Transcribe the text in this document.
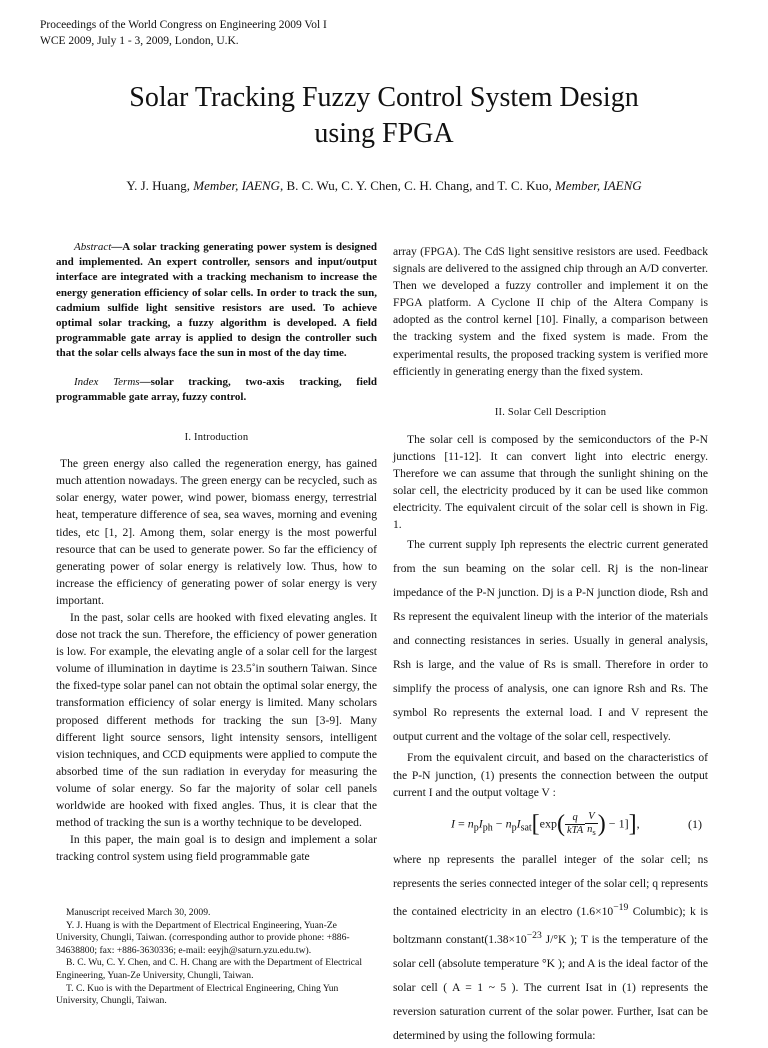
Proceedings of the World Congress on Engineering 2009 Vol I
WCE 2009, July 1 - 3, 2009, London, U.K.
Solar Tracking Fuzzy Control System Design
using FPGA
Y. J. Huang, Member, IAENG, B. C. Wu, C. Y. Chen, C. H. Chang, and T. C. Kuo, Member, IAENG

Abstract—A solar tracking generating power system is designed and implemented. An expert controller, sensors and input/output interface are integrated with a tracking mechanism to increase the energy generation efficiency of solar cells. In order to track the sun, cadmium sulfide light sensitive resistors are used. To achieve optimal solar tracking, a fuzzy algorithm is developed. A field programmable gate array is applied to design the controller such that the solar cells always face the sun in most of the day time.

Index Terms—solar tracking, two-axis tracking, field programmable gate array, fuzzy control.

I. Introduction

The green energy also called the regeneration energy, has gained much attention nowadays. The green energy can be recycled, such as solar energy, water power, wind power, biomass energy, terrestrial heat, temperature difference of sea, sea waves, morning and evening tides, etc [1, 2]. Among them, solar energy is the most powerful resource that can be used to generate power. So far the efficiency of generating power of solar energy is relatively low. Thus, how to increase the efficiency of generating power of solar energy is very important.

In the past, solar cells are hooked with fixed elevating angles. It dose not track the sun. Therefore, the efficiency of power generation is low. For example, the elevating angle of a solar cell for the largest volume of illumination in daytime is 23.5˚in southern Taiwan. Since the fixed-type solar panel can not obtain the optimal solar energy, the transformation efficiency of solar energy is limited. Many scholars proposed different methods for tracking the sun [3-9]. Many different light source sensors, light intensity sensors, intelligent vision techniques, and CCD equipments were applied to compute the absorbed time of the sun radiation in everyday for measuring the volume of solar energy. So far the majority of solar cell panels worldwide are hooked with fixed angles. Thus, it is clear that the method of tracking the sun is a worthy technique to be developed.

In this paper, the main goal is to design and implement a solar tracking control system using field programmable gate

Manuscript received March 30, 2009.

Y. J. Huang is with the Department of Electrical Engineering, Yuan-Ze University, Chungli, Taiwan. (corresponding author to provide phone: +886-34638800; fax: +886-3630336; e-mail: eeyjh@saturn.yzu.edu.tw).

B. C. Wu, C. Y. Chen, and C. H. Chang are with the Department of Electrical Engineering, Yuan-Ze University, Chungli, Taiwan.

T. C. Kuo is with the Department of Electrical Engineering, Ching Yun University, Chungli, Taiwan.

array (FPGA). The CdS light sensitive resistors are used. Feedback signals are delivered to the assigned chip through an A/D converter. Then we developed a fuzzy controller and implement it on the FPGA platform. A Cyclone II chip of the Altera Company is adopted as the control kernel [10]. Finally, a comparison between the tracking system and the fixed system is made. From the experimental results, the proposed tracking system is verified more efficiently in generating energy than the fixed system.

II. Solar Cell Description

The solar cell is composed by the semiconductors of the P-N junctions [11-12]. It can convert light into electric energy. Therefore we can assume that through the sunlight shining on the solar cell, the electricity produced by it can be used like common electricity. The equivalent circuit of the solar cell is shown in Fig. 1.

The current supply Iph represents the electric current generated from the sun beaming on the solar cell. Rj is the non-linear impedance of the P-N junction. Dj is a P-N junction diode, Rsh and Rs represent the equivalent lineup with the interior of the materials and connecting resistances in series. Usually in general analysis, Rsh is large, and the value of Rs is small. Therefore in order to simplify the process of analysis, one can ignore Rsh and Rs. The symbol Ro represents the external load. I and V represent the output current and the voltage of the solar cell, respectively.

From the equivalent circuit, and based on the characteristics of the P-N junction, (1) presents the connection between the output current I and the output voltage V :

$I = n_pI_{ph} - n_pI_{sat}[\exp( \frac{q}{\text{kTA}} \frac{V}{n_s}$ ) − 1]],	(1)

where np represents the parallel integer of the solar cell; ns represents the series connected integer of the solar cell; q represents the contained electricity in an electro ($1.6\times 10^{-19}$ Columbic); k is boltzmann $constant(1.38\times 10^{-23}$ J/°K ); T is the temperature of the solar cell (absolute temperature °K ); and A is the ideal factor of the solar cell ( A = 1 ~ 5 ). The current Isat in (1) represents the reversion saturation current of the solar power. Further, Isat can be determined by using the following formula:
